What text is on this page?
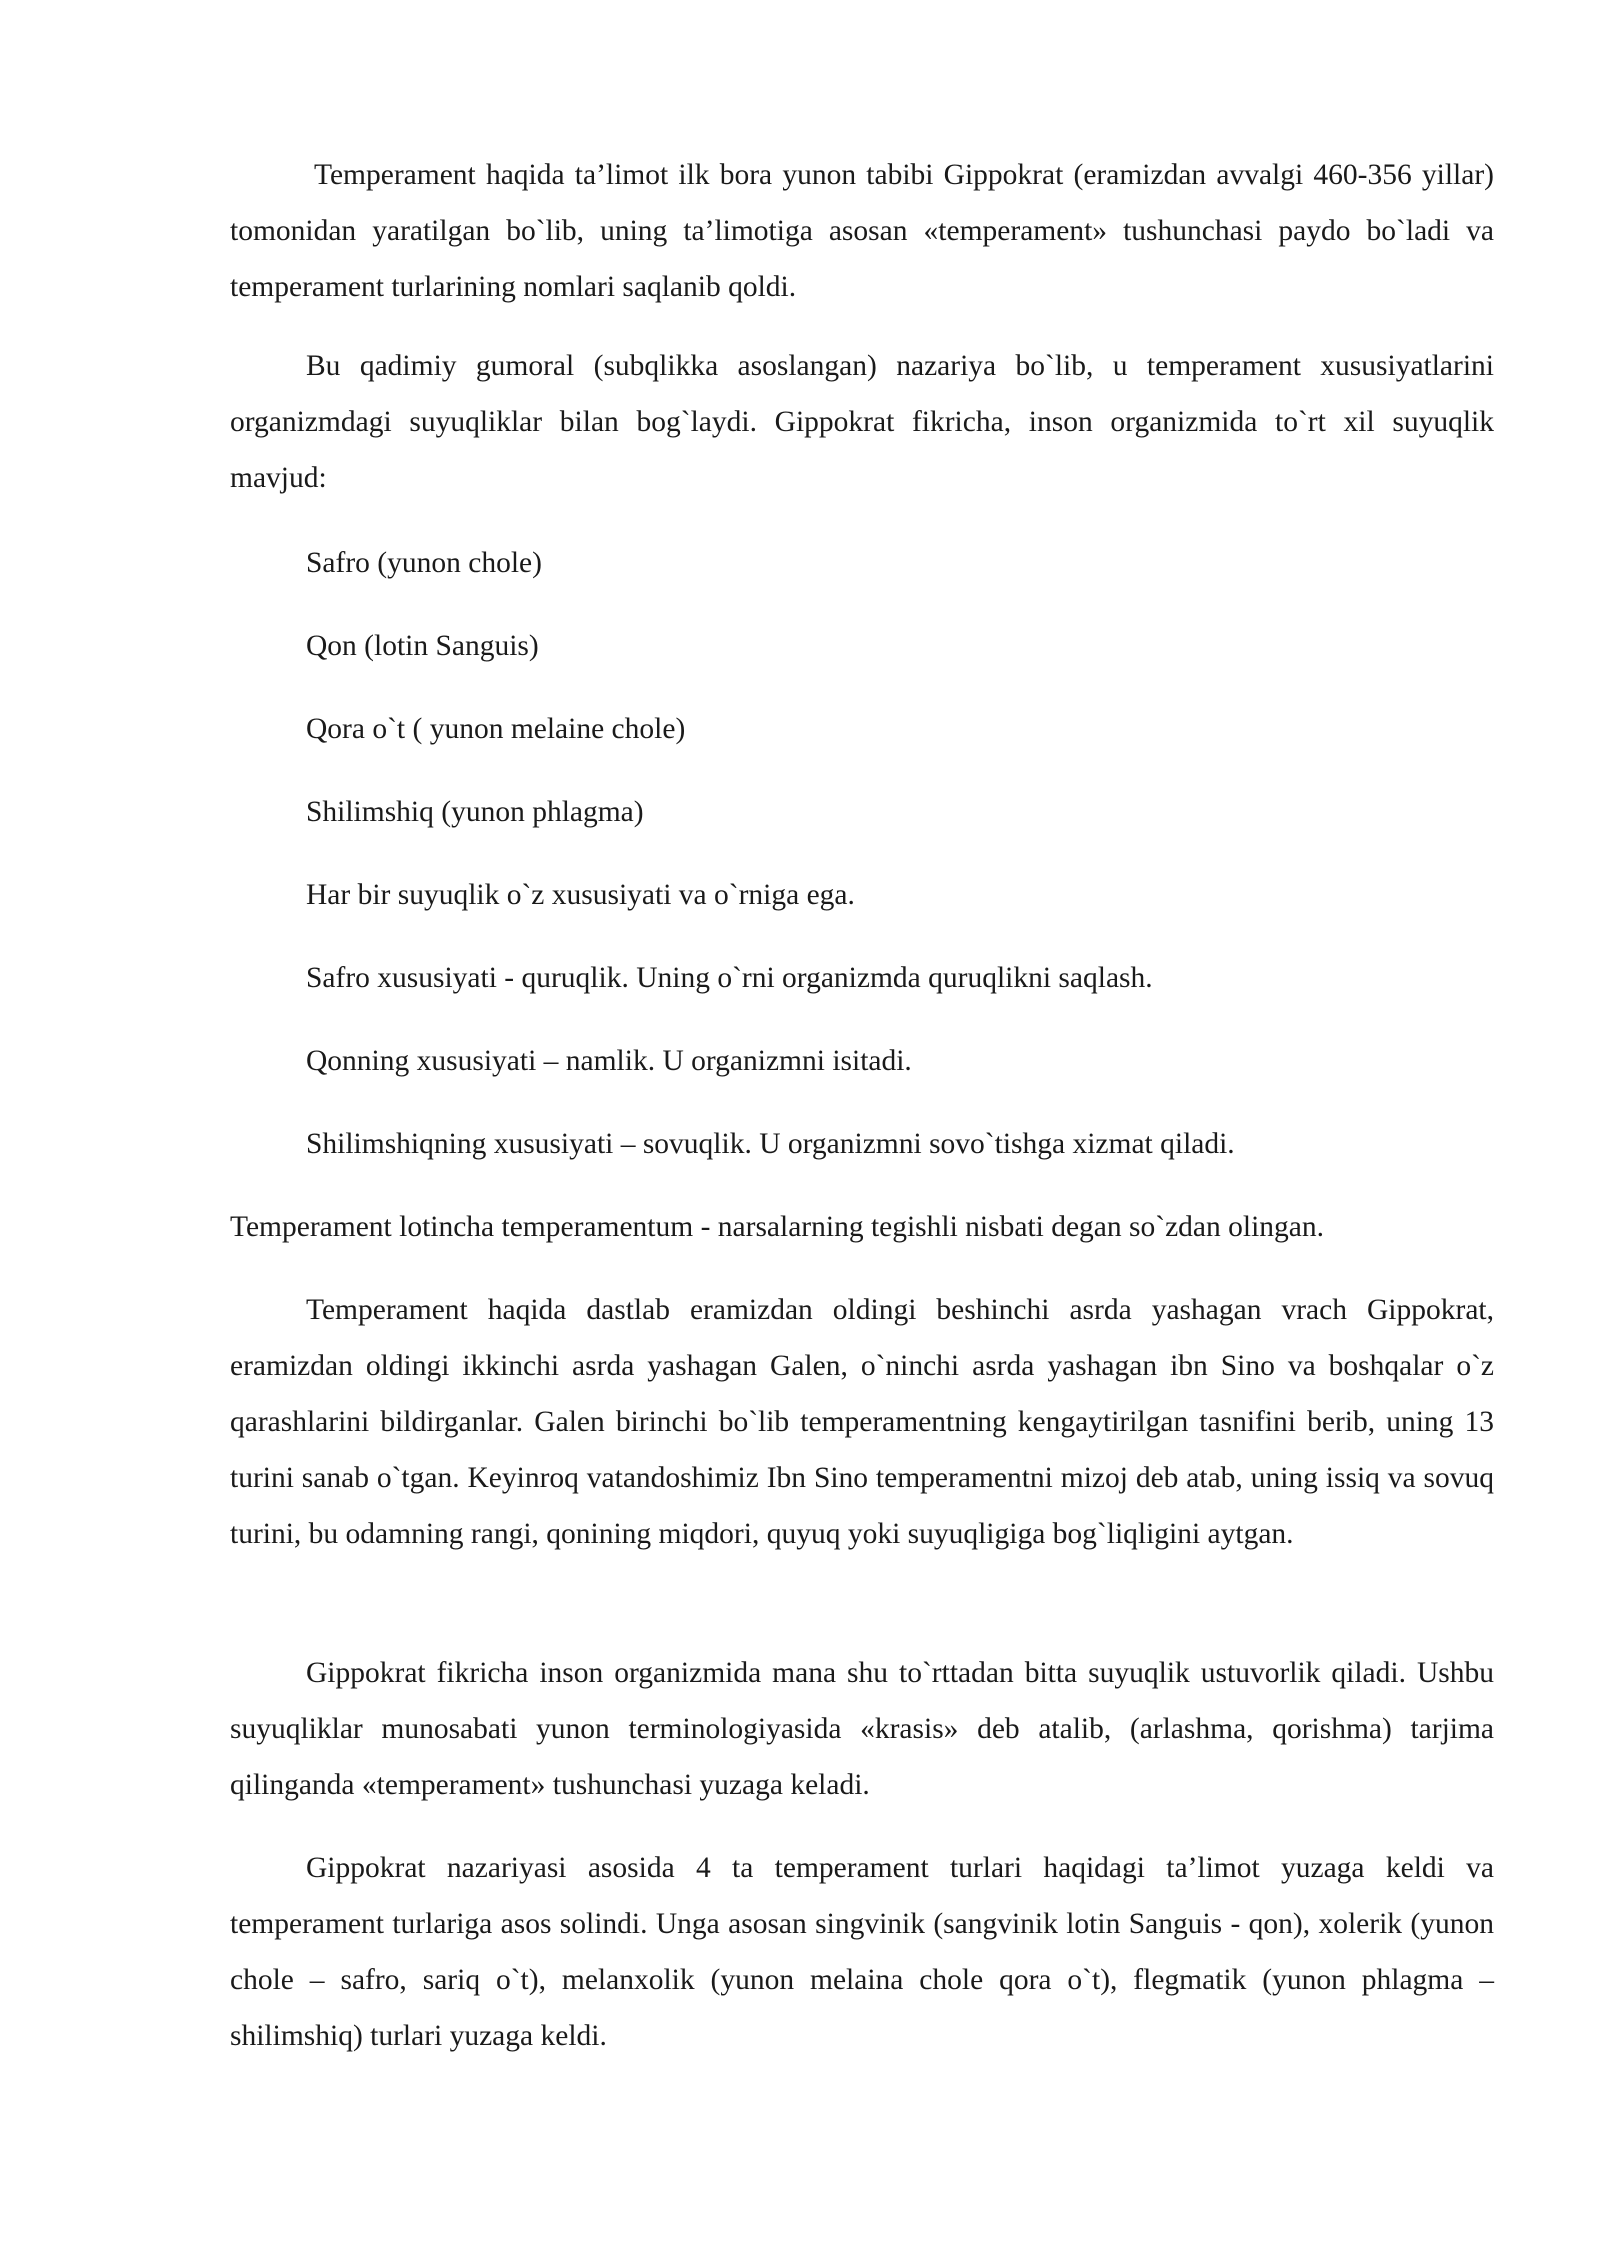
Temperament haqida ta’limot ilk bora yunon tabibi Gippokrat (eramizdan avvalgi 460-356 yillar) tomonidan yaratilgan bo`lib, uning ta’limotiga asosan «temperament» tushunchasi paydo bo`ladi va temperament turlarining nomlari saqlanib qoldi.

Bu qadimiy gumoral (subqlikka asoslangan) nazariya bo`lib, u temperament xususiyatlarini organizmdagi suyuqliklar bilan bog`laydi. Gippokrat fikricha, inson organizmida to`rt xil suyuqlik mavjud:

Safro (yunon chole)

Qon (lotin Sanguis)

Qora o`t ( yunon melaine chole)

Shilimshiq (yunon phlagma)

Har bir suyuqlik o`z xususiyati va o`rniga ega.

Safro xususiyati - quruqlik. Uning o`rni organizmda quruqlikni saqlash.

Qonning xususiyati – namlik. U organizmni isitadi.

Shilimshiqning xususiyati – sovuqlik. U organizmni sovo`tishga xizmat qiladi.

Temperament lotincha temperamentum - narsalarning tegishli nisbati degan so`zdan olingan.

Temperament haqida dastlab eramizdan oldingi beshinchi asrda yashagan vrach Gippokrat, eramizdan oldingi ikkinchi asrda yashagan Galen, o`ninchi asrda yashagan ibn Sino va boshqalar o`z qarashlarini bildirganlar. Galen birinchi bo`lib temperamentning kengaytirilgan tasnifini berib, uning 13 turini sanab o`tgan. Keyinroq vatandoshimiz Ibn Sino temperamentni mizoj deb atab, uning issiq va sovuq turini, bu odamning rangi, qonining miqdori, quyuq yoki suyuqligiga bog`liqligini aytgan.

Gippokrat fikricha inson organizmida mana shu to`rttadan bitta suyuqlik ustuvorlik qiladi. Ushbu suyuqliklar munosabati yunon terminologiyasida «krasis» deb atalib, (arlashma, qorishma) tarjima qilinganda «temperament» tushunchasi yuzaga keladi.

Gippokrat nazariyasi asosida 4 ta temperament turlari haqidagi ta’limot yuzaga keldi va temperament turlariga asos solindi. Unga asosan singvinik (sangvinik lotin Sanguis - qon), xolerik (yunon chole – safro, sariq o`t), melanxolik (yunon melaina chole qora o`t), flegmatik (yunon phlagma – shilimshiq) turlari yuzaga keldi.
